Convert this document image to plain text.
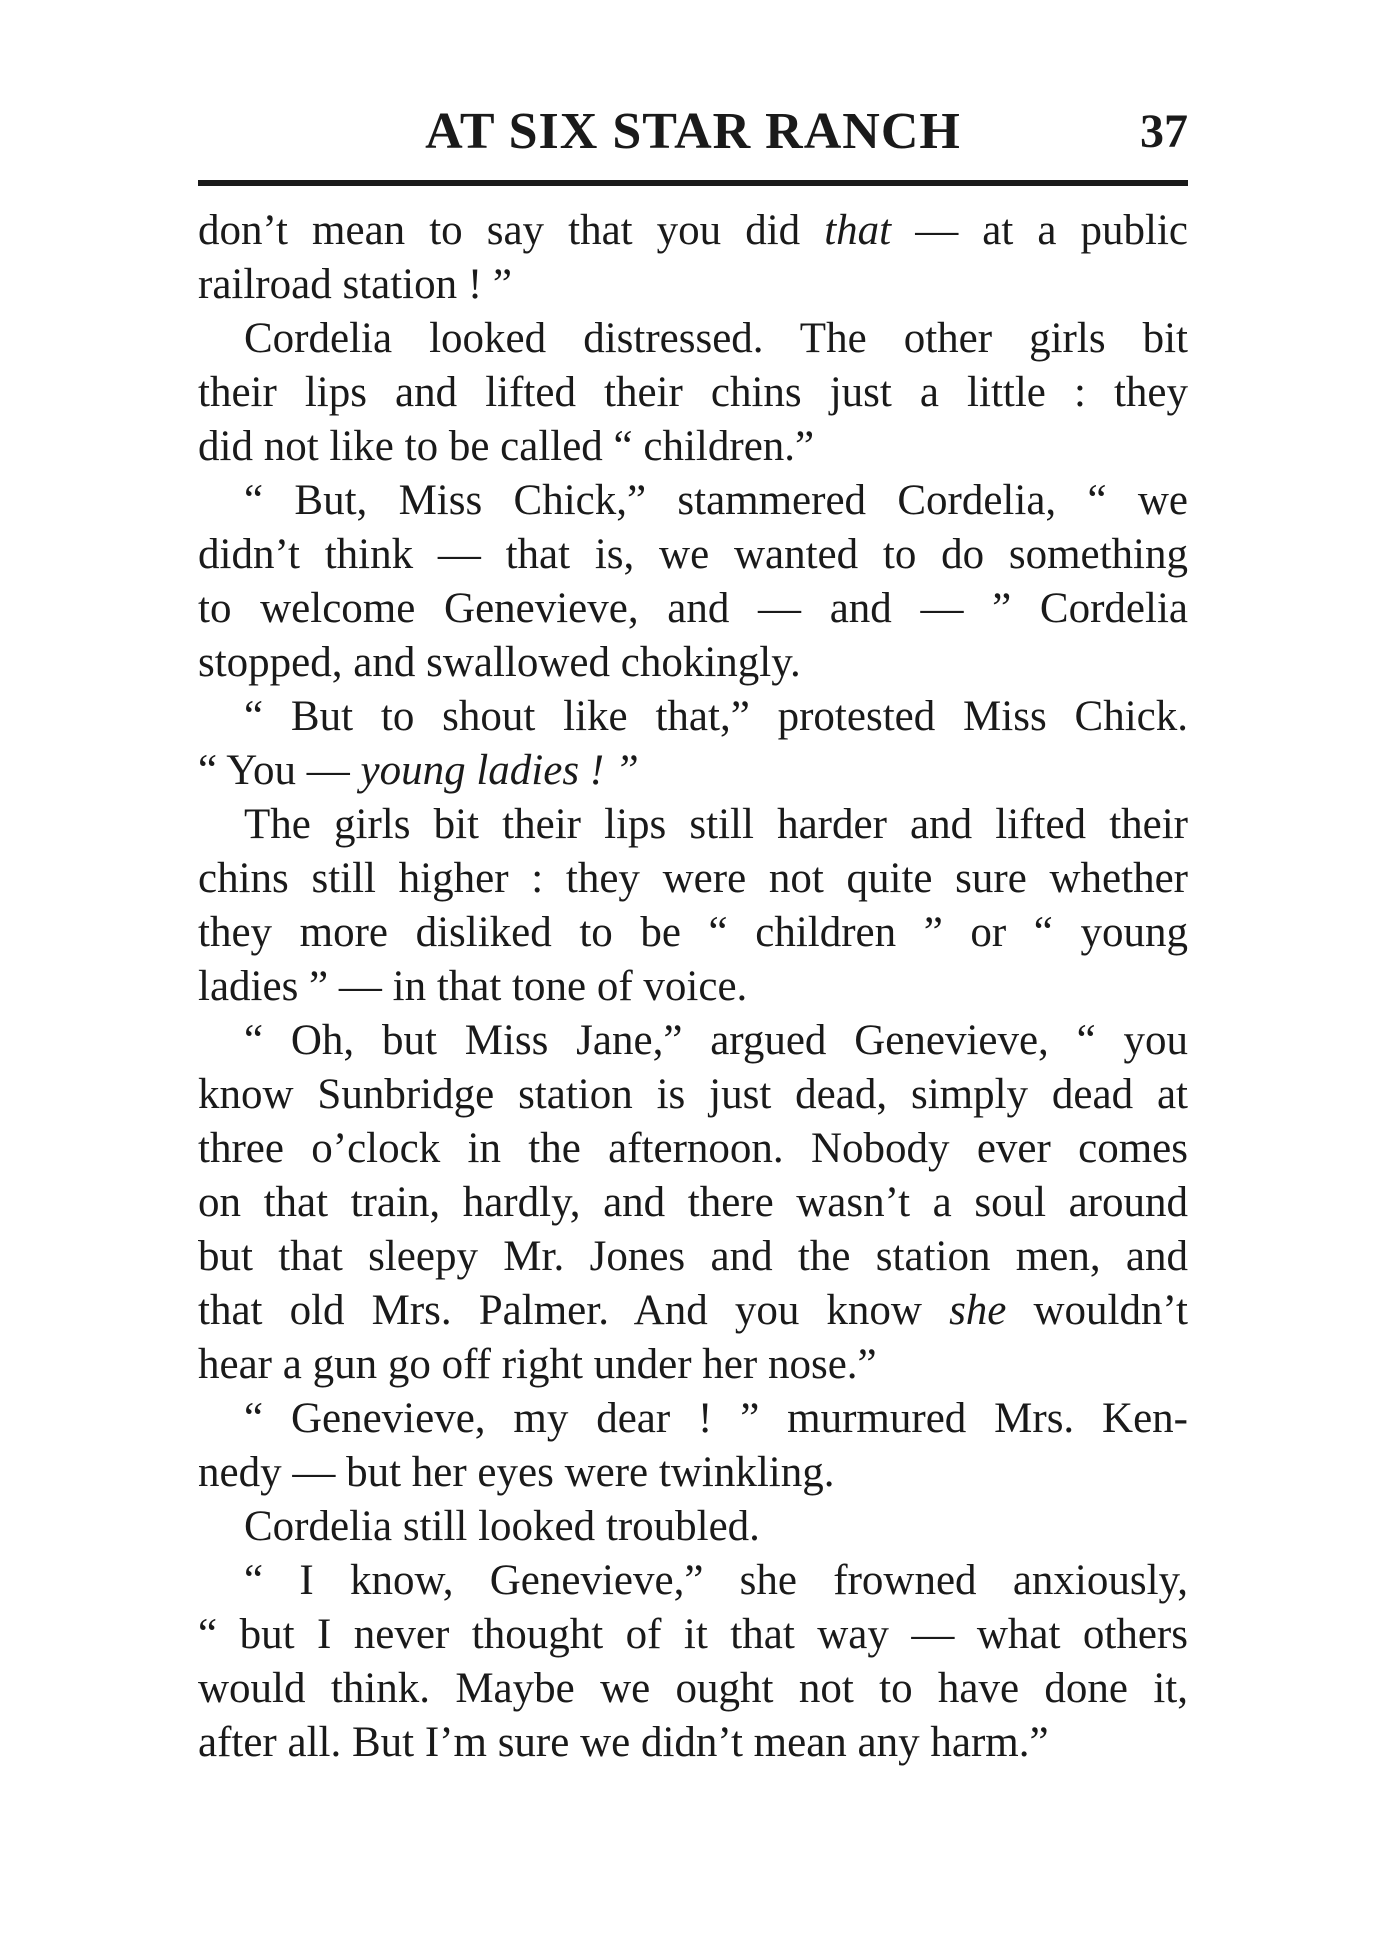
AT SIX STAR RANCH	37

don’t mean to say that you did that — at a public

railroad station ! ”

Cordelia looked distressed. The other girls bit

their lips and lifted their chins just a little : they

did not like to be called “ children.”

“ But, Miss Chick,” stammered Cordelia, “ we

didn’t think — that is, we wanted to do something

to welcome Genevieve, and — and — ” Cordelia

stopped, and swallowed chokingly.

“ But to shout like that,” protested Miss Chick.

“ You — young ladies ! ”

The girls bit their lips still harder and lifted their

chins still higher : they were not quite sure whether

they more disliked to be “ children ” or “ young

ladies ” — in that tone of voice.

“ Oh, but Miss Jane,” argued Genevieve, “ you

know Sunbridge station is just dead, simply dead at

three o’clock in the afternoon. Nobody ever comes

on that train, hardly, and there wasn’t a soul around

but that sleepy Mr. Jones and the station men, and

that old Mrs. Palmer. And you know she wouldn’t

hear a gun go off right under her nose.”

“ Genevieve, my dear ! ” murmured Mrs. Ken-

nedy — but her eyes were twinkling.

Cordelia still looked troubled.

“ I know, Genevieve,” she frowned anxiously,

“ but I never thought of it that way — what others

would think. Maybe we ought not to have done it,

after all. But I’m sure we didn’t mean any harm.”
